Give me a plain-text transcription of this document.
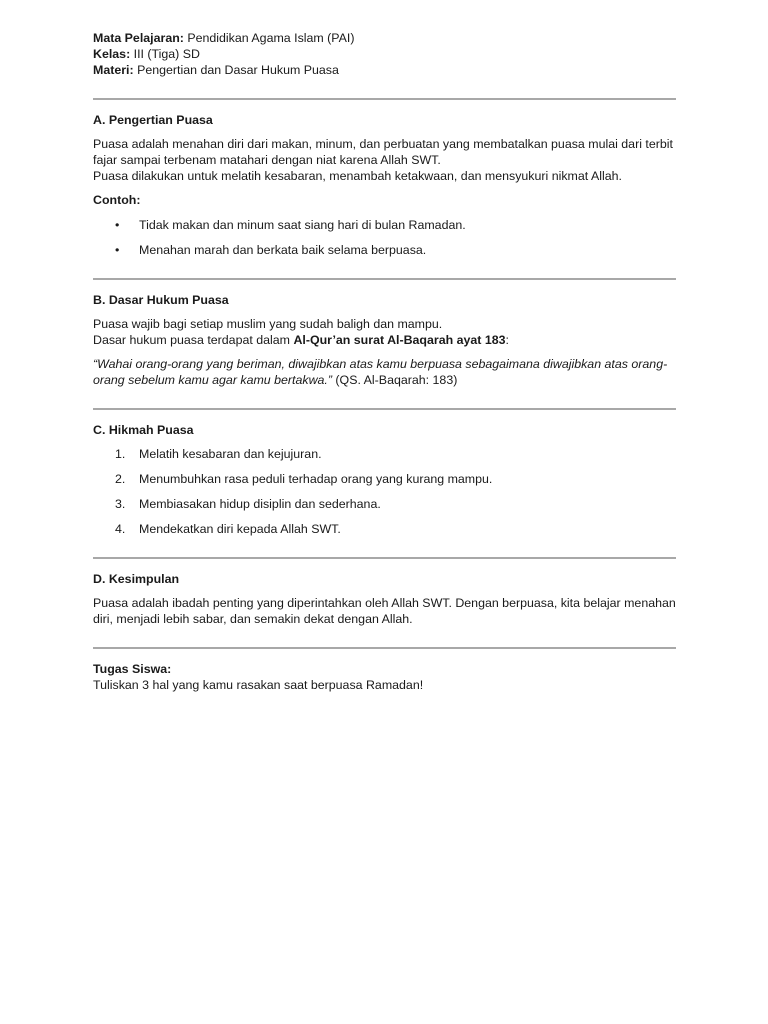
Mata Pelajaran: Pendidikan Agama Islam (PAI)

Kelas: III (Tiga) SD

Materi: Pengertian dan Dasar Hukum Puasa

A. Pengertian Puasa

Puasa adalah menahan diri dari makan, minum, dan perbuatan yang membatalkan puasa mulai dari terbit fajar sampai terbenam matahari dengan niat karena Allah SWT.

Puasa dilakukan untuk melatih kesabaran, menambah ketakwaan, dan mensyukuri nikmat Allah.

Contoh:

• Tidak makan dan minum saat siang hari di bulan Ramadan.
• Menahan marah dan berkata baik selama berpuasa.

B. Dasar Hukum Puasa

Puasa wajib bagi setiap muslim yang sudah baligh dan mampu.

Dasar hukum puasa terdapat dalam Al-Qur’an surat Al-Baqarah ayat 183:

“Wahai orang-orang yang beriman, diwajibkan atas kamu berpuasa sebagaimana diwajibkan atas orang-orang sebelum kamu agar kamu bertakwa.” (QS. Al-Baqarah: 183)

C. Hikmah Puasa

1. Melatih kesabaran dan kejujuran.
2. Menumbuhkan rasa peduli terhadap orang yang kurang mampu.
3. Membiasakan hidup disiplin dan sederhana.
4. Mendekatkan diri kepada Allah SWT.

D. Kesimpulan

Puasa adalah ibadah penting yang diperintahkan oleh Allah SWT. Dengan berpuasa, kita belajar menahan diri, menjadi lebih sabar, dan semakin dekat dengan Allah.

Tugas Siswa:

Tuliskan 3 hal yang kamu rasakan saat berpuasa Ramadan!
